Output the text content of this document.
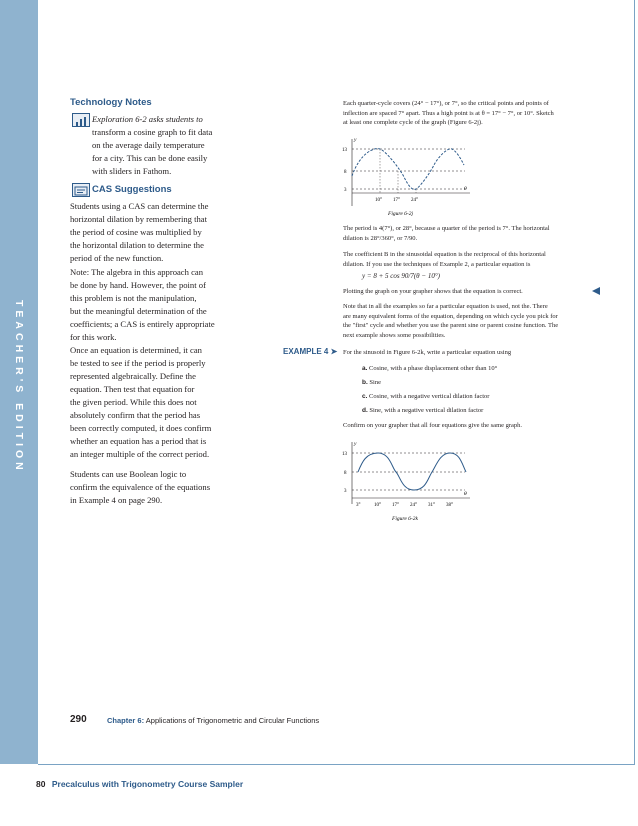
TEACHER'S EDITION
Technology Notes
Exploration 6-2 asks students to
transform a cosine graph to fit data
on the average daily temperature
for a city. This can be done easily
with sliders in Fathom.
CAS Suggestions
Students using a CAS can determine the
horizontal dilation by remembering that
the period of cosine was multiplied by
the horizontal dilation to determine the
period of the new function.
Note: The algebra in this approach can
be done by hand. However, the point of
this problem is not the manipulation,
but the meaningful determination of the
coefficients; a CAS is entirely appropriate
for this work.
Once an equation is determined, it can
be tested to see if the period is properly
represented algebraically. Define the
equation. Then test that equation for
the given period. While this does not
absolutely confirm that the period has
been correctly computed, it does confirm
whether an equation has a period that is
an integer multiple of the correct period.
Students can use Boolean logic to
confirm the equivalence of the equations
in Example 4 on page 290.
Each quarter-cycle covers (24° − 17°), or 7°, so the critical points and points of
inflection are spaced 7° apart. Thus a high point is at θ = 17° − 7°, or 10°. Sketch
at least one complete cycle of the graph (Figure 6-2j).
13
8
3
10° 17° 24°
y
θ
Figure 6-2j
The period is 4(7°), or 28°, because a quarter of the period is 7°. The horizontal
dilation is 28°/360°, or 7/90.
The coefficient B in the sinusoidal equation is the reciprocal of this horizontal
dilation. If you use the techniques of Example 2, a particular equation is
y = 8 + 5 cos 90/7(θ − 10°)
Plotting the graph on your grapher shows that the equation is correct.
Note that in all the examples so far a particular equation is used, not the. There
are many equivalent forms of the equation, depending on which cycle you pick for
the "first" cycle and whether you use the parent sine or parent cosine function. The
next example shows some possibilities.
EXAMPLE 4 ➤ For the sinusoid in Figure 6-2k, write a particular equation using
a. Cosine, with a phase displacement other than 10°
b. Sine
c. Cosine, with a negative vertical dilation factor
d. Sine, with a negative vertical dilation factor
Confirm on your grapher that all four equations give the same graph.
13
8
3
3°	10° 17° 24° 31° 38°
y
θ
Figure 6-2k
290	Chapter 6: Applications of Trigonometric and Circular Functions
80 Precalculus with Trigonometry Course Sampler
